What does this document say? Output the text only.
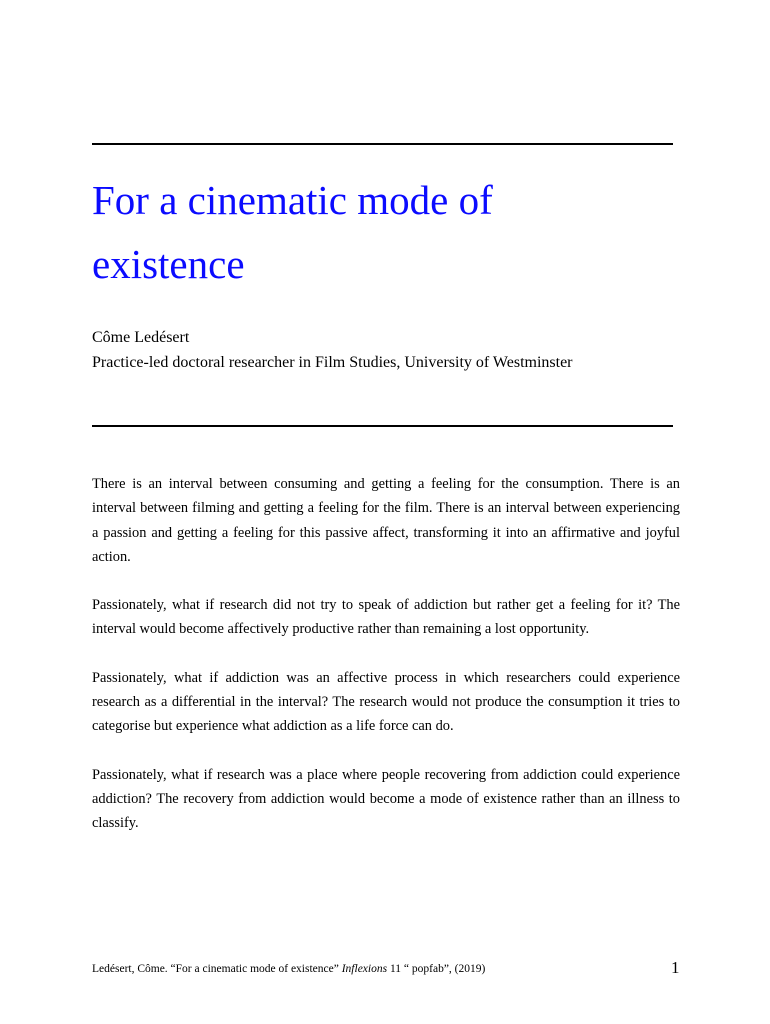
For a cinematic mode of
existence
Côme Ledésert
Practice-led doctoral researcher in Film Studies, University of Westminster

There is an interval between consuming and getting a feeling for the consumption. There is an interval between filming and getting a feeling for the film. There is an interval between experiencing a passion and getting a feeling for this passive affect, transforming it into an affirmative and joyful action.

Passionately, what if research did not try to speak of addiction but rather get a feeling for it? The interval would become affectively productive rather than remaining a lost opportunity.

Passionately, what if addiction was an affective process in which researchers could experience research as a differential in the interval? The research would not produce the consumption it tries to categorise but experience what addiction as a life force can do.

Passionately, what if research was a place where people recovering from addiction could experience addiction? The recovery from addiction would become a mode of existence rather than an illness to classify.

Ledésert, Côme. “For a cinematic mode of existence” Inflexions 11 “ popfab”, (2019)	1
